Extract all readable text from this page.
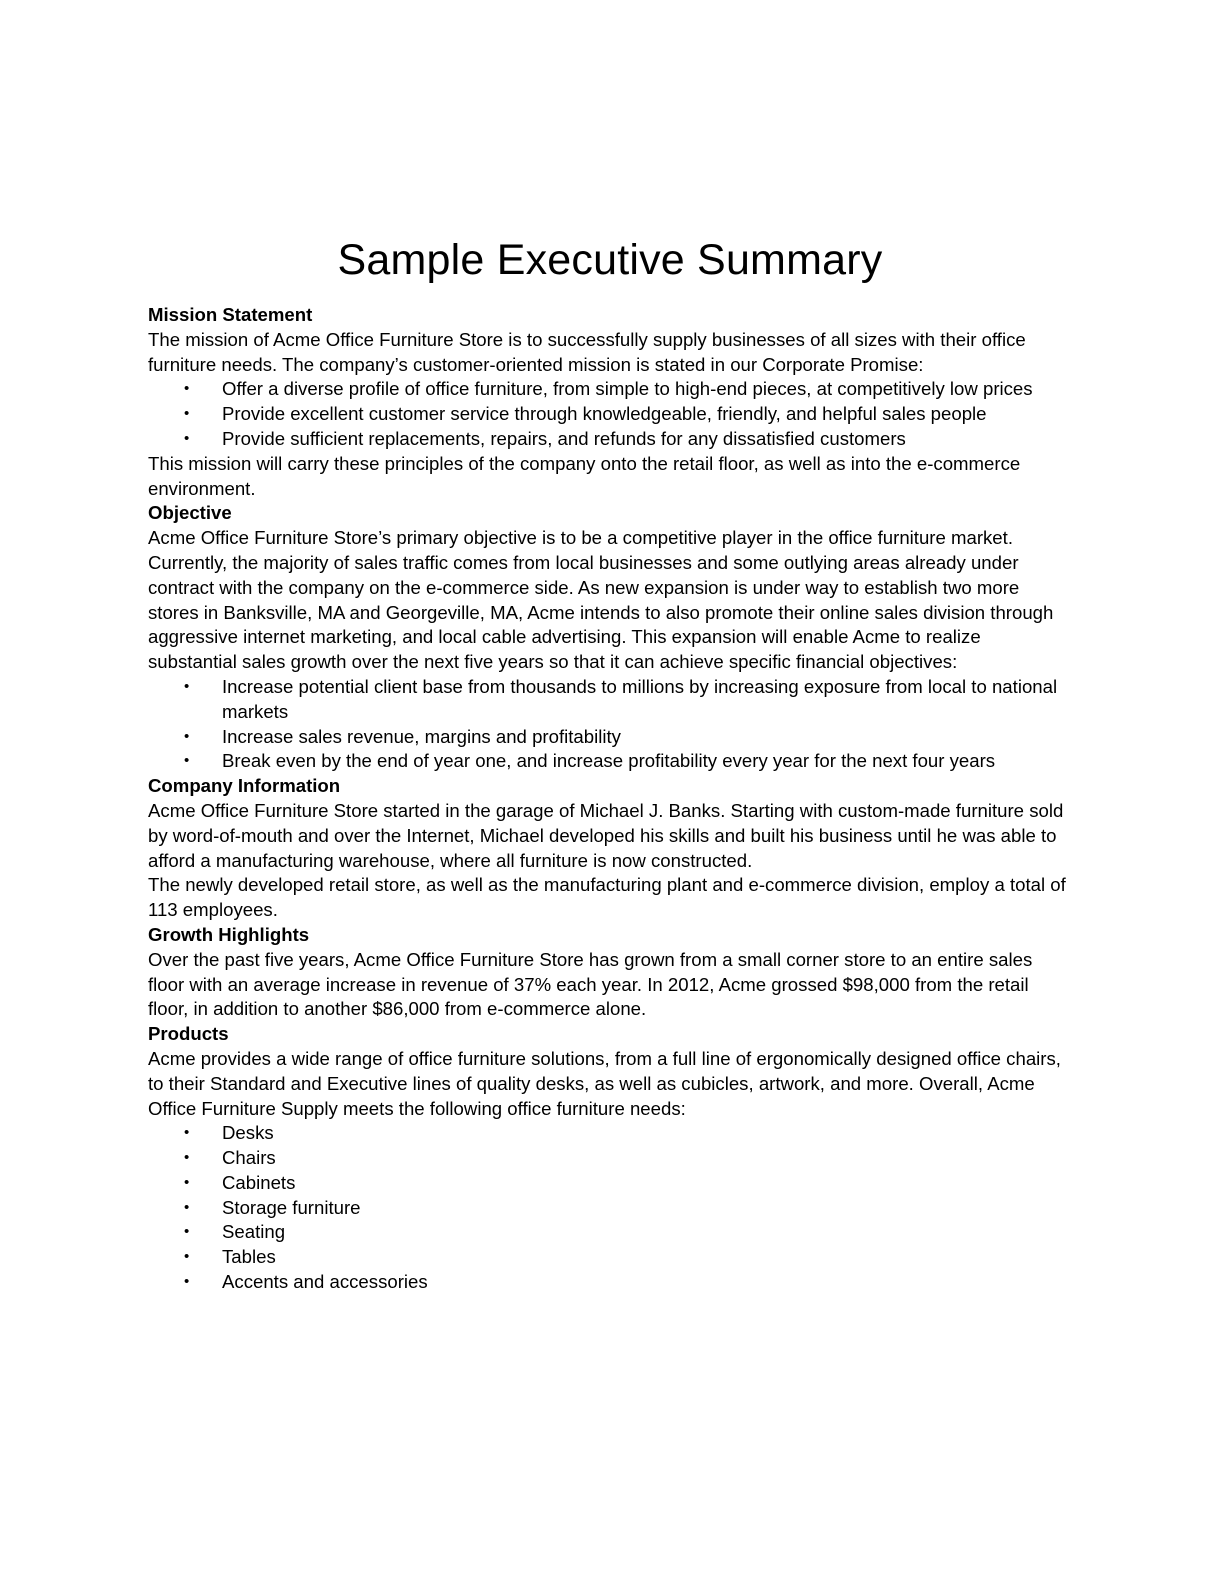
Sample Executive Summary
Mission Statement

The mission of Acme Office Furniture Store is to successfully supply businesses of all sizes with their office furniture needs. The company’s customer-oriented mission is stated in our Corporate Promise:

• Offer a diverse profile of office furniture, from simple to high-end pieces, at competitively low prices
• Provide excellent customer service through knowledgeable, friendly, and helpful sales people
• Provide sufficient replacements, repairs, and refunds for any dissatisfied customers

This mission will carry these principles of the company onto the retail floor, as well as into the e-commerce environment.

Objective

Acme Office Furniture Store’s primary objective is to be a competitive player in the office furniture market. Currently, the majority of sales traffic comes from local businesses and some outlying areas already under contract with the company on the e-commerce side. As new expansion is under way to establish two more stores in Banksville, MA and Georgeville, MA, Acme intends to also promote their online sales division through aggressive internet marketing, and local cable advertising. This expansion will enable Acme to realize substantial sales growth over the next five years so that it can achieve specific financial objectives:

• Increase potential client base from thousands to millions by increasing exposure from local to national markets
• Increase sales revenue, margins and profitability
• Break even by the end of year one, and increase profitability every year for the next four years
Company Information

Acme Office Furniture Store started in the garage of Michael J. Banks. Starting with custom-made furniture sold by word-of-mouth and over the Internet, Michael developed his skills and built his business until he was able to afford a manufacturing warehouse, where all furniture is now constructed.

The newly developed retail store, as well as the manufacturing plant and e-commerce division, employ a total of 113 employees.

Growth Highlights

Over the past five years, Acme Office Furniture Store has grown from a small corner store to an entire sales floor with an average increase in revenue of 37% each year. In 2012, Acme grossed $98,000 from the retail floor, in addition to another $86,000 from e-commerce alone.

Products

Acme provides a wide range of office furniture solutions, from a full line of ergonomically designed office chairs, to their Standard and Executive lines of quality desks, as well as cubicles, artwork, and more. Overall, Acme Office Furniture Supply meets the following office furniture needs:

• Desks
• Chairs
• Cabinets
• Storage furniture
• Seating
• Tables
• Accents and accessories
